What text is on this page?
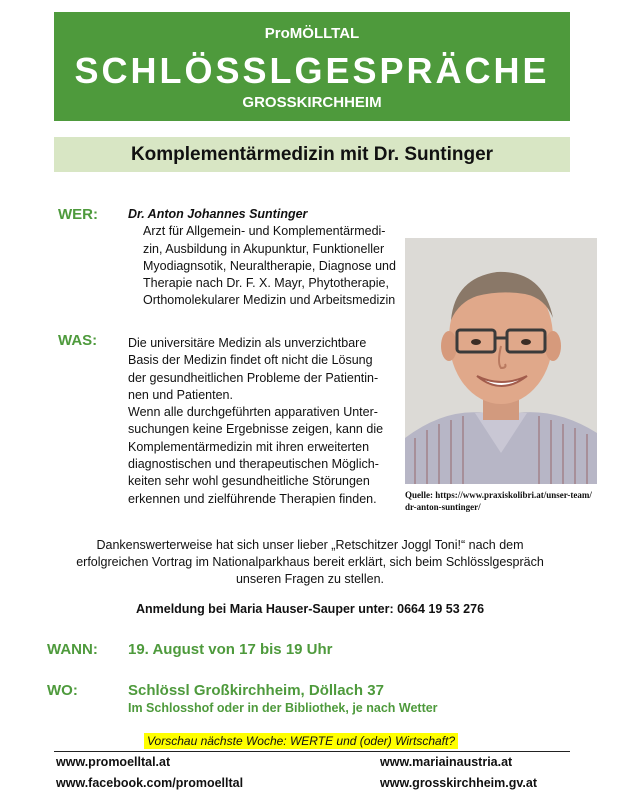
ProMÖLLTAL
SCHLÖSSLGESPRÄCHE
GROSSKIRCHHEIM
Komplementärmedizin mit Dr. Suntinger
WER: Dr. Anton Johannes Suntinger
Arzt für Allgemein- und Komplementärmedi-
zin, Ausbildung in Akupunktur, Funktioneller
Myodiagnsotik, Neuraltherapie, Diagnose und
Therapie nach Dr. F. X. Mayr, Phytotherapie,
Orthomolekularer Medizin und Arbeitsmedizin
Quelle: https://www.praxiskolibri.at/unser-team/
dr-anton-suntinger/
WAS: Die universitäre Medizin als unverzichtbare
Basis der Medizin findet oft nicht die Lösung
der gesundheitlichen Probleme der Patientin-
nen und Patienten.
Wenn alle durchgeführten apparativen Unter-
suchungen keine Ergebnisse zeigen, kann die
Komplementärmedizin mit ihren erweiterten
diagnostischen und therapeutischen Möglich-
keiten sehr wohl gesundheitliche Störungen
erkennen und zielführende Therapien finden.
Dankenswerterweise hat sich unser lieber „Retschitzer Joggl Toni!“ nach dem
erfolgreichen Vortrag im Nationalparkhaus bereit erklärt, sich beim Schlösslgespräch
unseren Fragen zu stellen.
Anmeldung bei Maria Hauser-Sauper unter: 0664 19 53 276
WANN: 19. August von 17 bis 19 Uhr
WO:	Schlössl Großkirchheim, Döllach 37
Im Schlosshof oder in der Bibliothek, je nach Wetter
Vorschau nächste Woche: WERTE und (oder) Wirtschaft?
www.promoelltal.at
www.facebook.com/promoelltal
www.mariainaustria.at
www.grosskirchheim.gv.at
